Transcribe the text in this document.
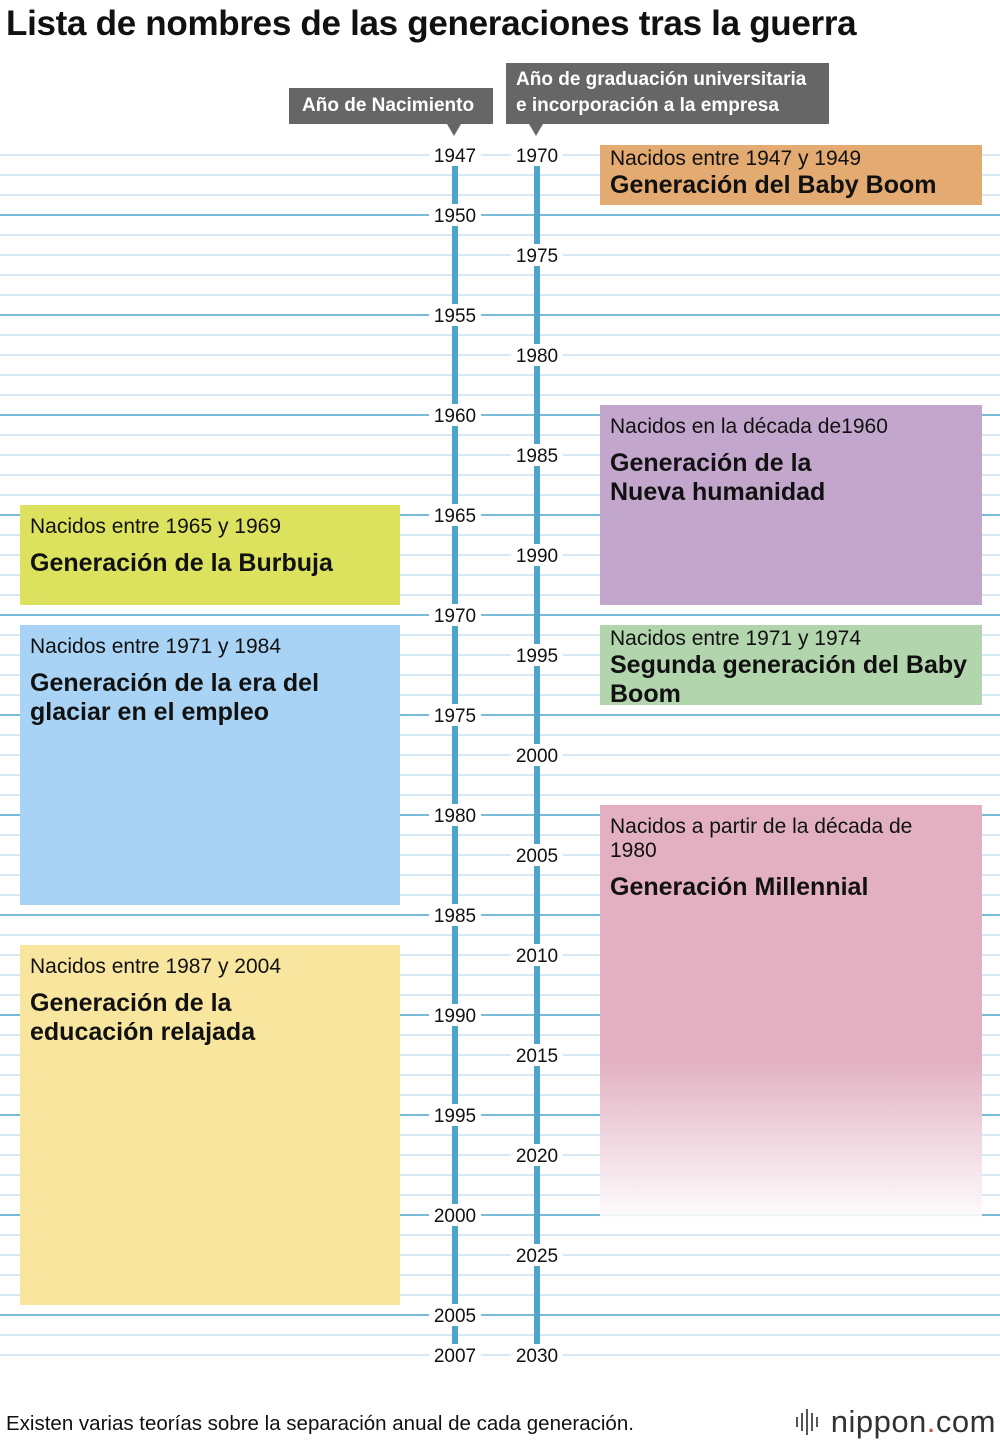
1947
1950
1955
1960
1965
1970
1975
1980
1985
1990
1995
2000
2005
2007
1970
1975
1980
1985
1990
1995
2000
2005
2010
2015
2020
2025
2030
Lista de nombres de las generaciones tras la guerra
Año de Nacimiento
Año de graduación universitaria
e incorporación a la empresa
Nacidos entre 1947 y 1949
Generación del Baby Boom
Nacidos en la década de1960
Generación de la Nueva humanidad
Nacidos entre 1965 y 1969
Generación de la Burbuja
Nacidos entre 1971 y 1984
Generación de la era del glaciar en el empleo
Nacidos entre 1971 y 1974
Segunda generación del Baby Boom
Nacidos entre 1987 y 2004
Generación de la educación relajada
Nacidos a partir de la década de 1980
Generación Millennial
Existen varias teorías sobre la separación anual de cada generación.	nippon.com
